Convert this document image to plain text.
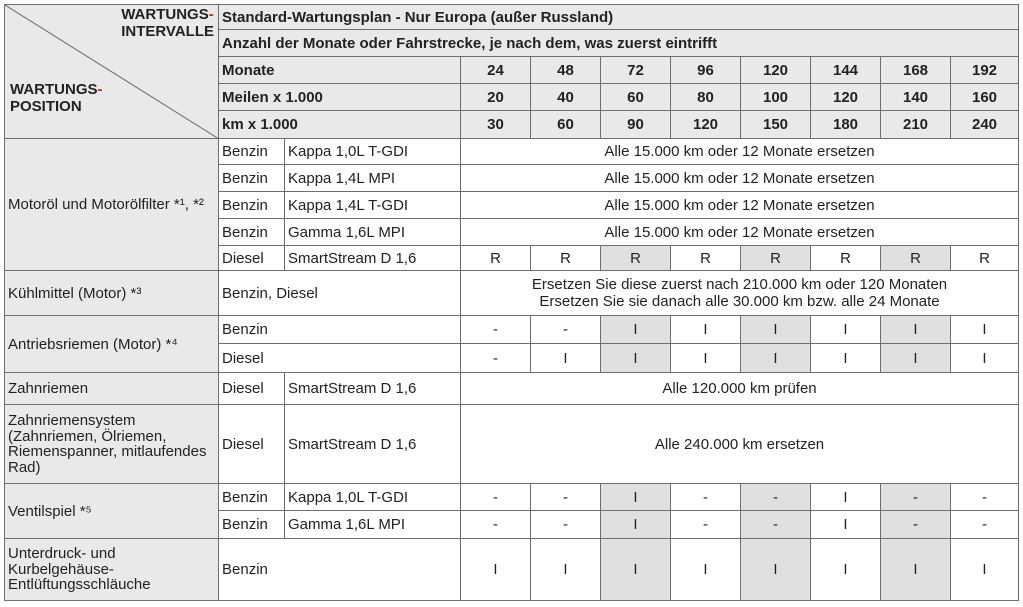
WARTUNGS-
INTERVALLE
WARTUNGS-
POSITION	Standard-Wartungsplan - Nur Europa (außer Russland)									
	Anzahl der Monate oder Fahrstrecke, je nach dem, was zuerst eintrifft									
	Monate		24	48	72	96	120	144	168	192
	Meilen x 1.000		20	40	60	80	100	120	140	160
	km x 1.000		30	60	90	120	150	180	210	240
Motoröl und Motorölfilter *¹, *²	Benzin	Kappa 1,0L T-GDI	Alle 15.000 km oder 12 Monate ersetzen							
	Benzin	Kappa 1,4L MPI	Alle 15.000 km oder 12 Monate ersetzen							
	Benzin	Kappa 1,4L T-GDI	Alle 15.000 km oder 12 Monate ersetzen							
	Benzin	Gamma 1,6L MPI	Alle 15.000 km oder 12 Monate ersetzen							
	Diesel	SmartStream D 1,6	R	R	R	R	R	R	R	R
Kühlmittel (Motor) *³	Benzin, Diesel		Ersetzen Sie diese zuerst nach 210.000 km oder 120 Monaten
Ersetzen Sie sie danach alle 30.000 km bzw. alle 24 Monate							
Antriebsriemen (Motor) *⁴	Benzin		-	-	I	I	I	I	I	I
	Diesel		-	I	I	I	I	I	I	I
Zahnriemen	Diesel	SmartStream D 1,6	Alle 120.000 km prüfen							
Zahnriemensystem (Zahnriemen, Ölriemen, Riemenspanner, mitlaufendes Rad)	Diesel	SmartStream D 1,6	Alle 240.000 km ersetzen							
Ventilspiel *⁵	Benzin	Kappa 1,0L T-GDI	-	-	I	-	-	I	-	-
	Benzin	Gamma 1,6L MPI	-	-	I	-	-	I	-	-
Unterdruck- und Kurbelgehäuse-Entlüftungsschläuche	Benzin		I	I	I	I	I	I	I	I
